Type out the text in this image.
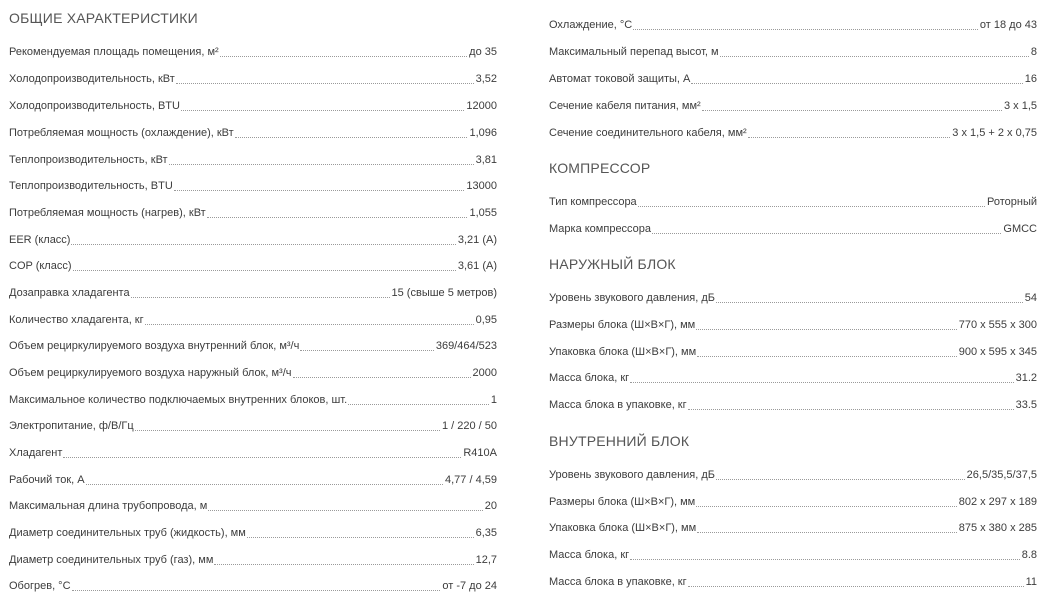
ОБЩИЕ ХАРАКТЕРИСТИКИ
Рекомендуемая площадь помещения, м²	до 35
Холодопроизводительность, кВт	3,52
Холодопроизводительность, BTU	12000
Потребляемая мощность (охлаждение), кВт	1,096
Теплопроизводительность, кВт	3,81
Теплопроизводительность, BTU	13000
Потребляемая мощность (нагрев), кВт	1,055
EER (класс)	3,21 (A)
COP (класс)	3,61 (A)
Дозаправка хладагента	15 (свыше 5 метров)
Количество хладагента, кг	0,95
Объем рециркулируемого воздуха внутренний блок, м³/ч	369/464/523
Объем рециркулируемого воздуха наружный блок, м³/ч	2000
Максимальное количество подключаемых внутренних блоков, шт.	1
Электропитание, ф/В/Гц	1 / 220 / 50
Хладагент	R410A
Рабочий ток, А	4,77 / 4,59
Максимальная длина трубопровода, м	20
Диаметр соединительных труб (жидкость), мм	6,35
Диаметр соединительных труб (газ), мм	12,7
Обогрев, °С	от -7 до 24
Охлаждение, °С	от 18 до 43
Максимальный перепад высот, м	8
Автомат токовой защиты, А	16
Сечение кабеля питания, мм²	3 x 1,5
Сечение соединительного кабеля, мм²	3 x 1,5 + 2 x 0,75
КОМПРЕССОР
Тип компрессора	Роторный
Марка компрессора	GMCC
НАРУЖНЫЙ БЛОК
Уровень звукового давления, дБ	54
Размеры блока (Ш×В×Г), мм	770 x 555 x 300
Упаковка блока (Ш×В×Г), мм	900 x 595 x 345
Масса блока, кг	31.2
Масса блока в упаковке, кг	33.5
ВНУТРЕННИЙ БЛОК
Уровень звукового давления, дБ	26,5/35,5/37,5
Размеры блока (Ш×В×Г), мм	802 x 297 x 189
Упаковка блока (Ш×В×Г), мм	875 x 380 x 285
Масса блока, кг	8.8
Масса блока в упаковке, кг	11
